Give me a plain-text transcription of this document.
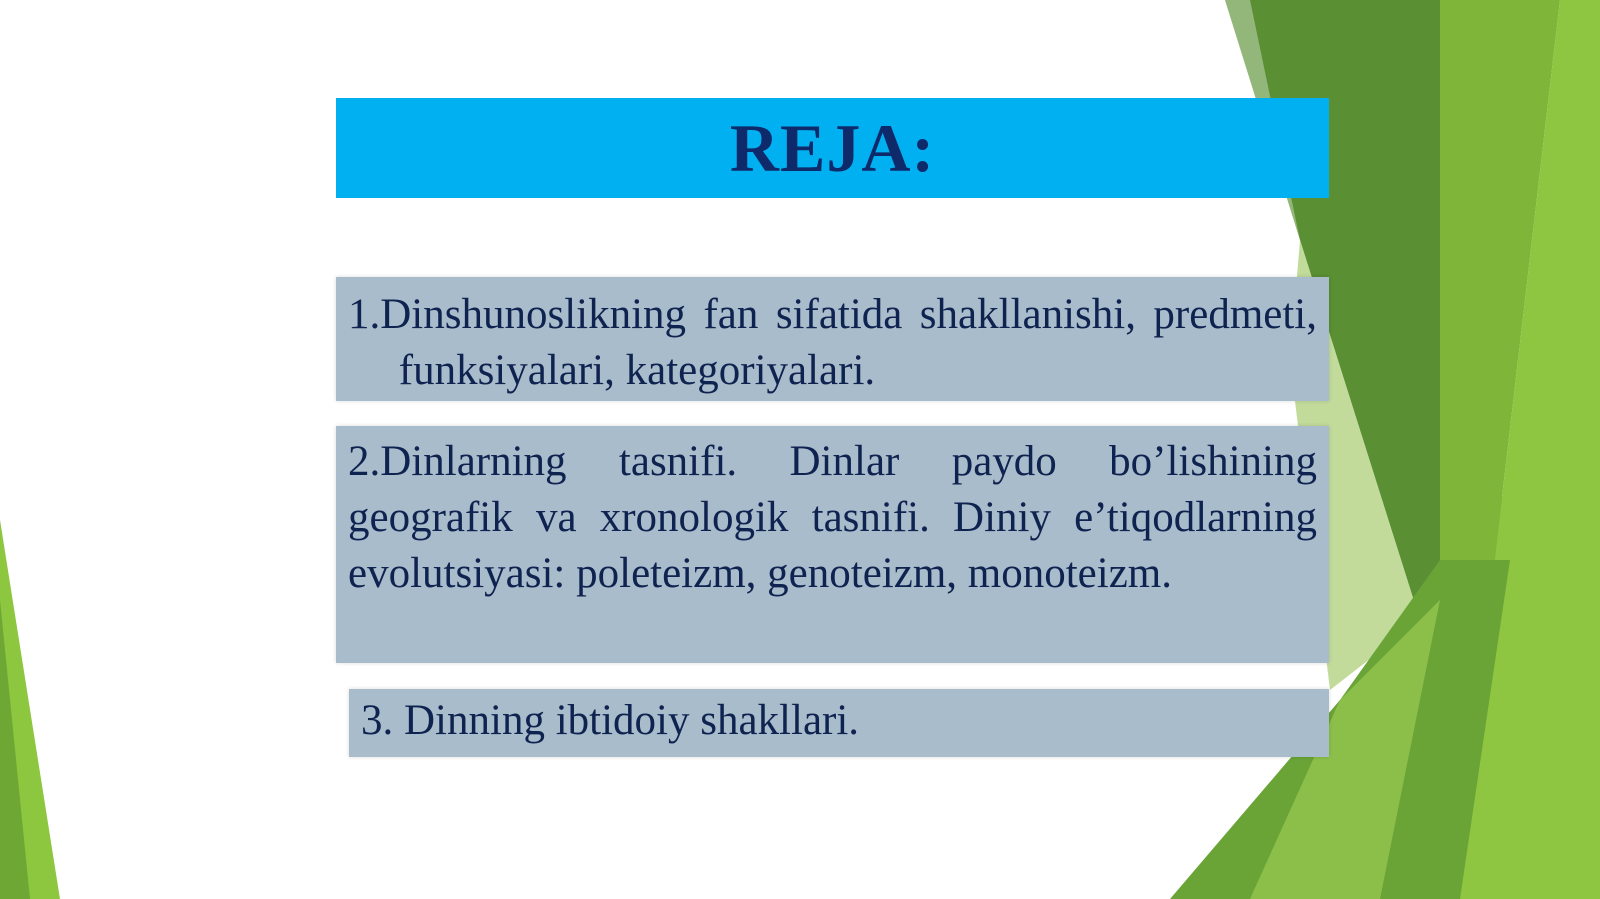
REJA:
1.Dinshunoslikning fan sifatida shakllanishi, predmeti, funksiyalari, kategoriyalari.
2.Dinlarning tasnifi. Dinlar paydo bo’lishining geografik va xronologik tasnifi. Diniy e’tiqodlarning evolutsiyasi: poleteizm, genoteizm, monoteizm.
3. Dinning ibtidoiy shakllari.
